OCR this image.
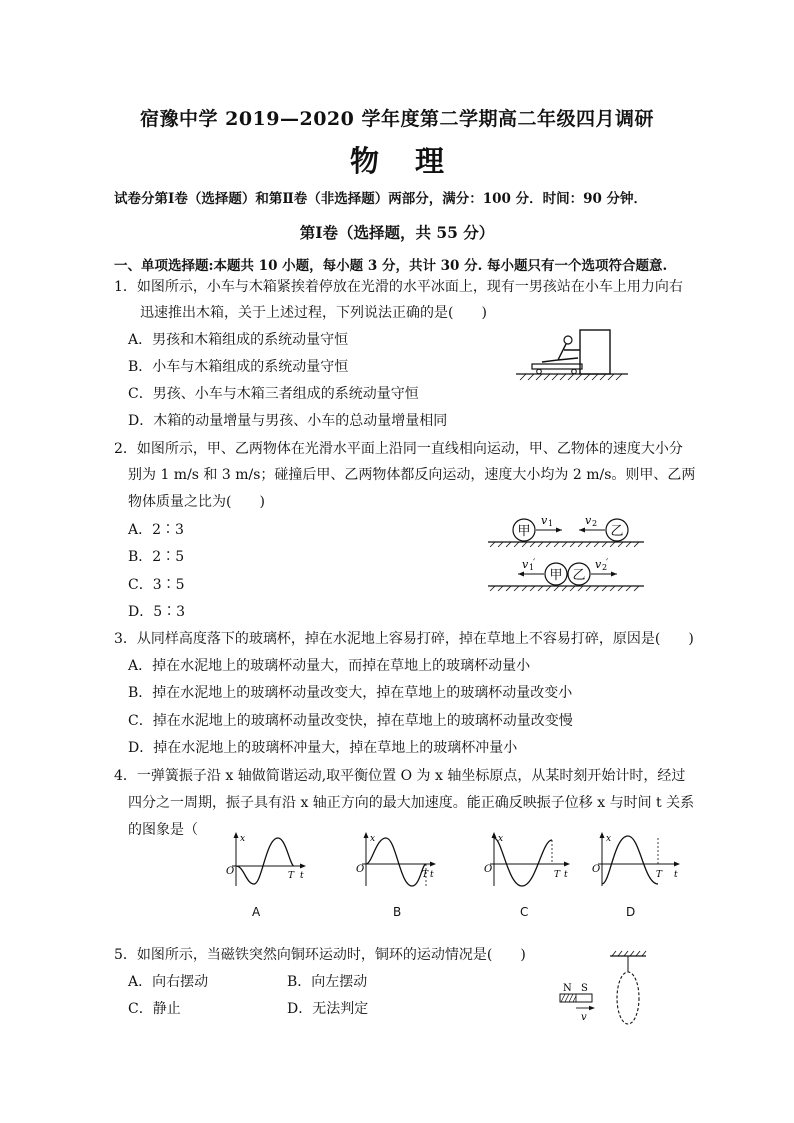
宿豫中学 2019—2020 学年度第二学期高二年级四月调研
物理
试卷分第Ⅰ卷（选择题）和第Ⅱ卷（非选择题）两部分，满分：100 分．时间：90 分钟．
第Ⅰ卷（选择题，共 55 分）
一、单项选择题:本题共 10 小题，每小题 3 分，共计 30 分. 每小题只有一个选项符合题意.
1．如图所示，小车与木箱紧挨着停放在光滑的水平冰面上，现有一男孩站在小车上用力向右
迅速推出木箱，关于上述过程，下列说法正确的是(　　)
A．男孩和木箱组成的系统动量守恒
B．小车与木箱组成的系统动量守恒
C．男孩、小车与木箱三者组成的系统动量守恒
D．木箱的动量增量与男孩、小车的总动量增量相同
2．如图所示，甲、乙两物体在光滑水平面上沿同一直线相向运动，甲、乙物体的速度大小分
别为 1 m/s 和 3 m/s；碰撞后甲、乙两物体都反向运动，速度大小均为 2 m/s。则甲、乙两
物体质量之比为(　　)
A．2∶3
B．2∶5
C．3∶5
D．5∶3
甲
v 1
乙
v 2
甲 乙
v 1
′	v 2
′
3．从同样高度落下的玻璃杯，掉在水泥地上容易打碎，掉在草地上不容易打碎，原因是(　　)
A．掉在水泥地上的玻璃杯动量大，而掉在草地上的玻璃杯动量小
B．掉在水泥地上的玻璃杯动量改变大，掉在草地上的玻璃杯动量改变小
C．掉在水泥地上的玻璃杯动量改变快，掉在草地上的玻璃杯动量改变慢
D．掉在水泥地上的玻璃杯冲量大，掉在草地上的玻璃杯冲量小
4．一弹簧振子沿 x 轴做简谐运动,取平衡位置 O 为 x 轴坐标原点，从某时刻开始计时，经过
四分之一周期，振子具有沿 x 轴正方向的最大加速度。能正确反映振子位移 x 与时间 t 关系
的图象是（
x
O	T t
x
O	T t
x
O	T t
x
O	T t
A	B	C	D
5．如图所示，当磁铁突然向铜环运动时，铜环的运动情况是(　　)
A．向右摆动	B．向左摆动
C．静止	D．无法判定
N S
v
